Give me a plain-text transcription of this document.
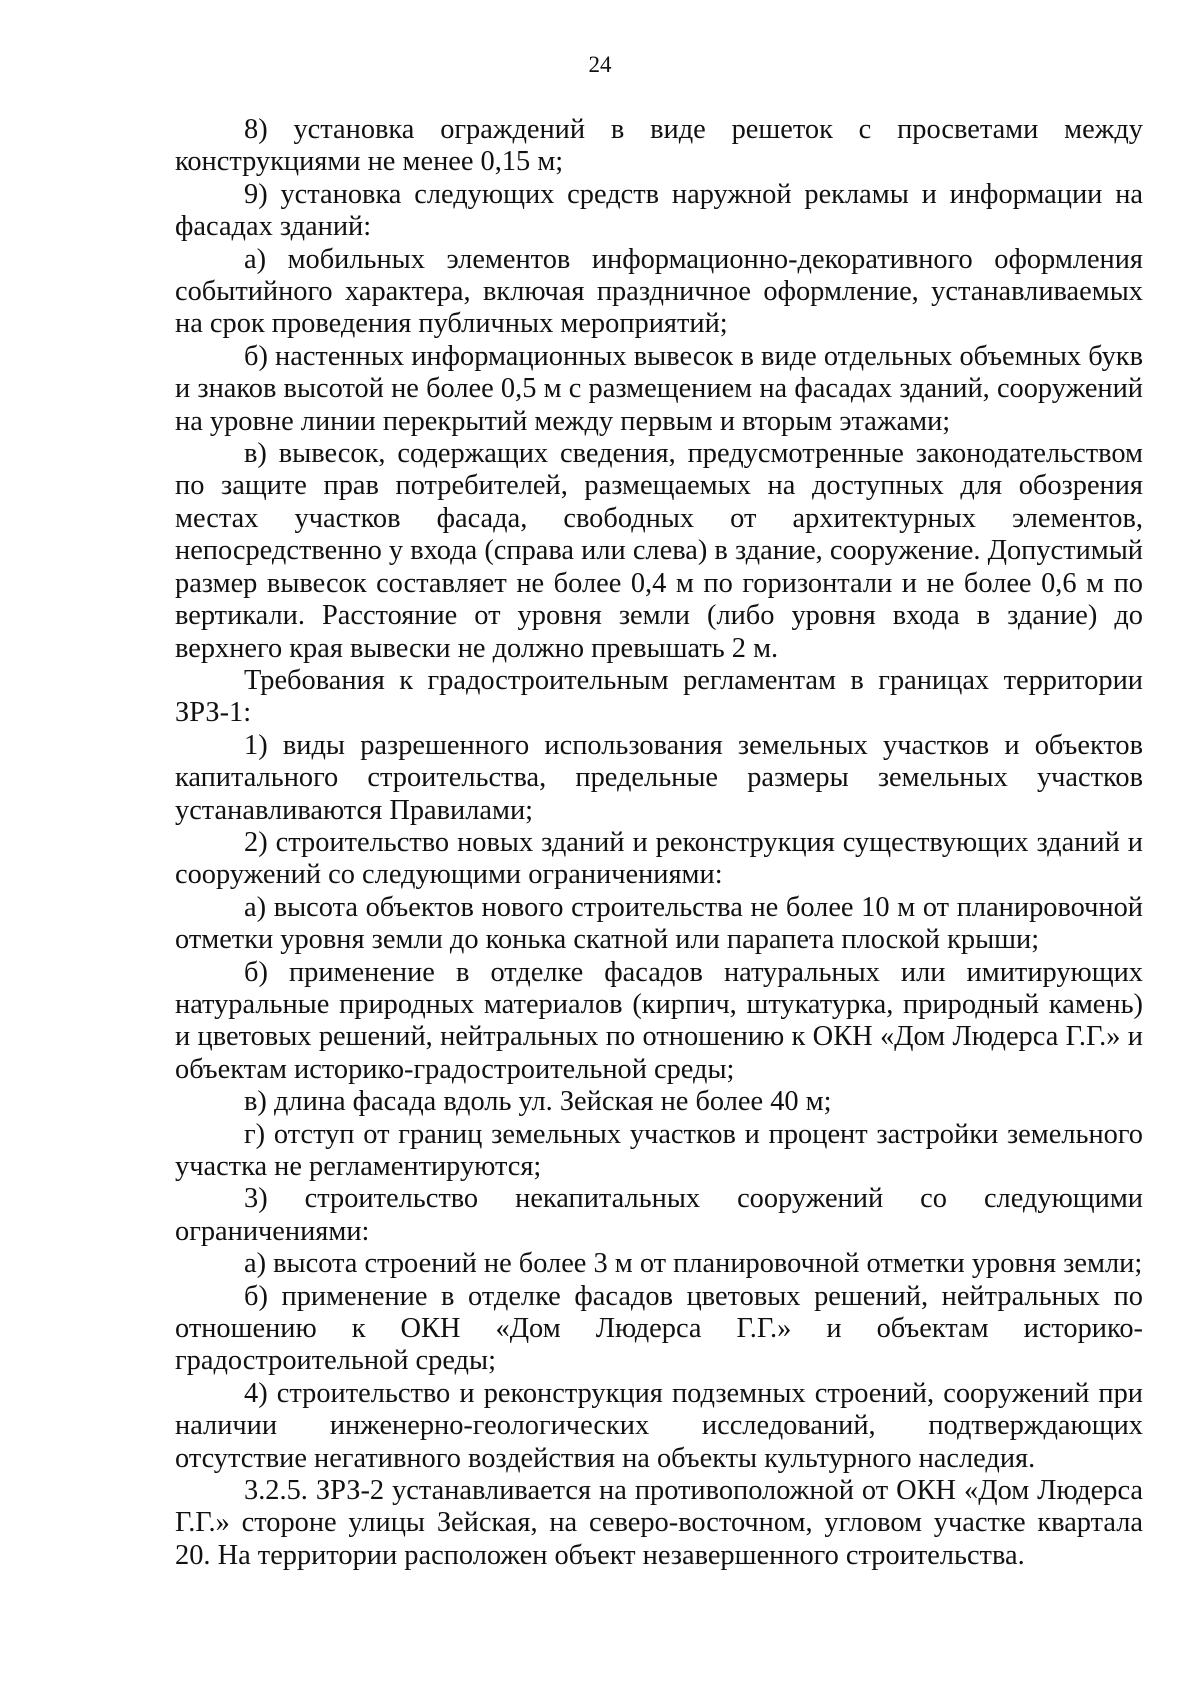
24

8) установка ограждений в виде решеток с просветами между конструкциями не менее 0,15 м;

9) установка следующих средств наружной рекламы и информации на фасадах зданий:

а) мобильных элементов информационно-декоративного оформления событийного характера, включая праздничное оформление, устанавливаемых на срок проведения публичных мероприятий;

б) настенных информационных вывесок в виде отдельных объемных букв и знаков высотой не более 0,5 м с размещением на фасадах зданий, сооружений на уровне линии перекрытий между первым и вторым этажами;

в) вывесок, содержащих сведения, предусмотренные законодательством по защите прав потребителей, размещаемых на доступных для обозрения местах участков фасада, свободных от архитектурных элементов, непосредственно у входа (справа или слева) в здание, сооружение. Допустимый размер вывесок составляет не более 0,4 м по горизонтали и не более 0,6 м по вертикали. Расстояние от уровня земли (либо уровня входа в здание) до верхнего края вывески не должно превышать 2 м.

Требования к градостроительным регламентам в границах территории ЗРЗ-1:

1) виды разрешенного использования земельных участков и объектов капитального строительства, предельные размеры земельных участков устанавливаются Правилами;

2) строительство новых зданий и реконструкция существующих зданий и сооружений со следующими ограничениями:

а) высота объектов нового строительства не более 10 м от планировочной отметки уровня земли до конька скатной или парапета плоской крыши;

б) применение в отделке фасадов натуральных или имитирующих натуральные природных материалов (кирпич, штукатурка, природный камень) и цветовых решений, нейтральных по отношению к ОКН «Дом Людерса Г.Г.» и объектам историко-градостроительной среды;

в) длина фасада вдоль ул. Зейская не более 40 м;

г) отступ от границ земельных участков и процент застройки земельного участка не регламентируются;

3) строительство некапитальных сооружений со следующими ограничениями:

а) высота строений не более 3 м от планировочной отметки уровня земли;

б) применение в отделке фасадов цветовых решений, нейтральных по отношению к ОКН «Дом Людерса Г.Г.» и объектам историко-градостроительной среды;

4) строительство и реконструкция подземных строений, сооружений при наличии инженерно-геологических исследований, подтверждающих отсутствие негативного воздействия на объекты культурного наследия.

3.2.5. ЗРЗ-2 устанавливается на противоположной от ОКН «Дом Людерса Г.Г.» стороне улицы Зейская, на северо-восточном, угловом участке квартала 20. На территории расположен объект незавершенного строительства.
